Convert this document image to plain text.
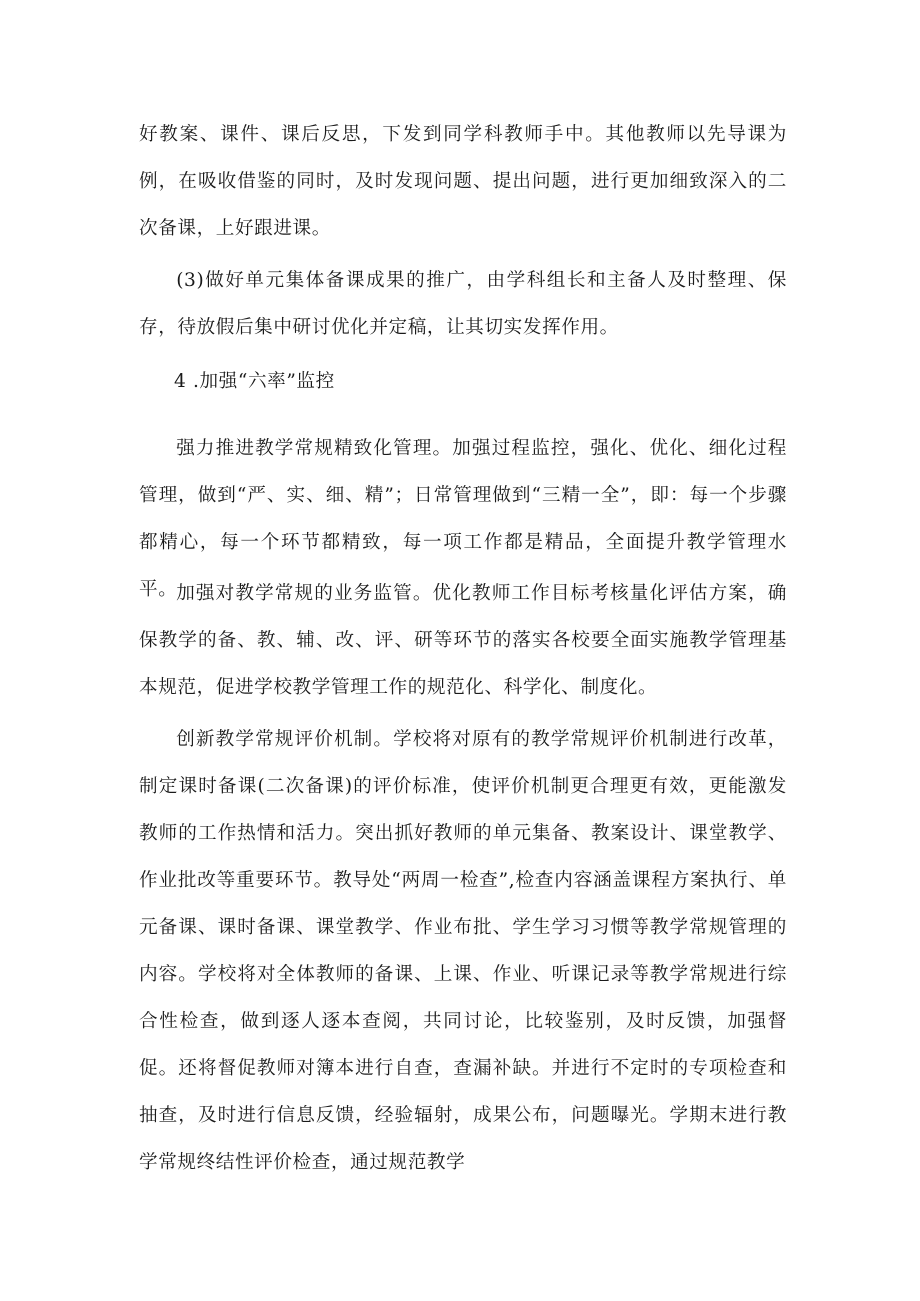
好教案、课件、课后反思，下发到同学科教师手中。其他教师以先导课为例，在吸收借鉴的同时，及时发现问题、提出问题，进行更加细致深入的二次备课，上好跟进课。

(3)做好单元集体备课成果的推广，由学科组长和主备人及时整理、保存，待放假后集中研讨优化并定稿，让其切实发挥作用。

4 .加强“六率”监控

强力推进教学常规精致化管理。加强过程监控，强化、优化、细化过程管理，做到“严、实、细、精”；日常管理做到“三精一全”，即：每一个步骤都精心，每一个环节都精致，每一项工作都是精品，全面提升教学管理水平。

加强对教学常规的业务监管。优化教师工作目标考核量化评估方案，确保教学的备、教、辅、改、评、研等环节的落实各校要全面实施教学管理基本规范，促进学校教学管理工作的规范化、科学化、制度化。

创新教学常规评价机制。学校将对原有的教学常规评价机制进行改革，制定课时备课(二次备课)的评价标准，使评价机制更合理更有效，更能激发教师的工作热情和活力。突出抓好教师的单元集备、教案设计、课堂教学、作业批改等重要环节。教导处“两周一检查”,检查内容涵盖课程方案执行、单元备课、课时备课、课堂教学、作业布批、学生学习习惯等教学常规管理的内容。学校将对全体教师的备课、上课、作业、听课记录等教学常规进行综合性检查，做到逐人逐本查阅，共同讨论，比较鉴别，及时反馈，加强督促。还将督促教师对簿本进行自查，查漏补缺。并进行不定时的专项检查和抽查，及时进行信息反馈，经验辐射，成果公布，问题曝光。学期末进行教学常规终结性评价检查，通过规范教学
